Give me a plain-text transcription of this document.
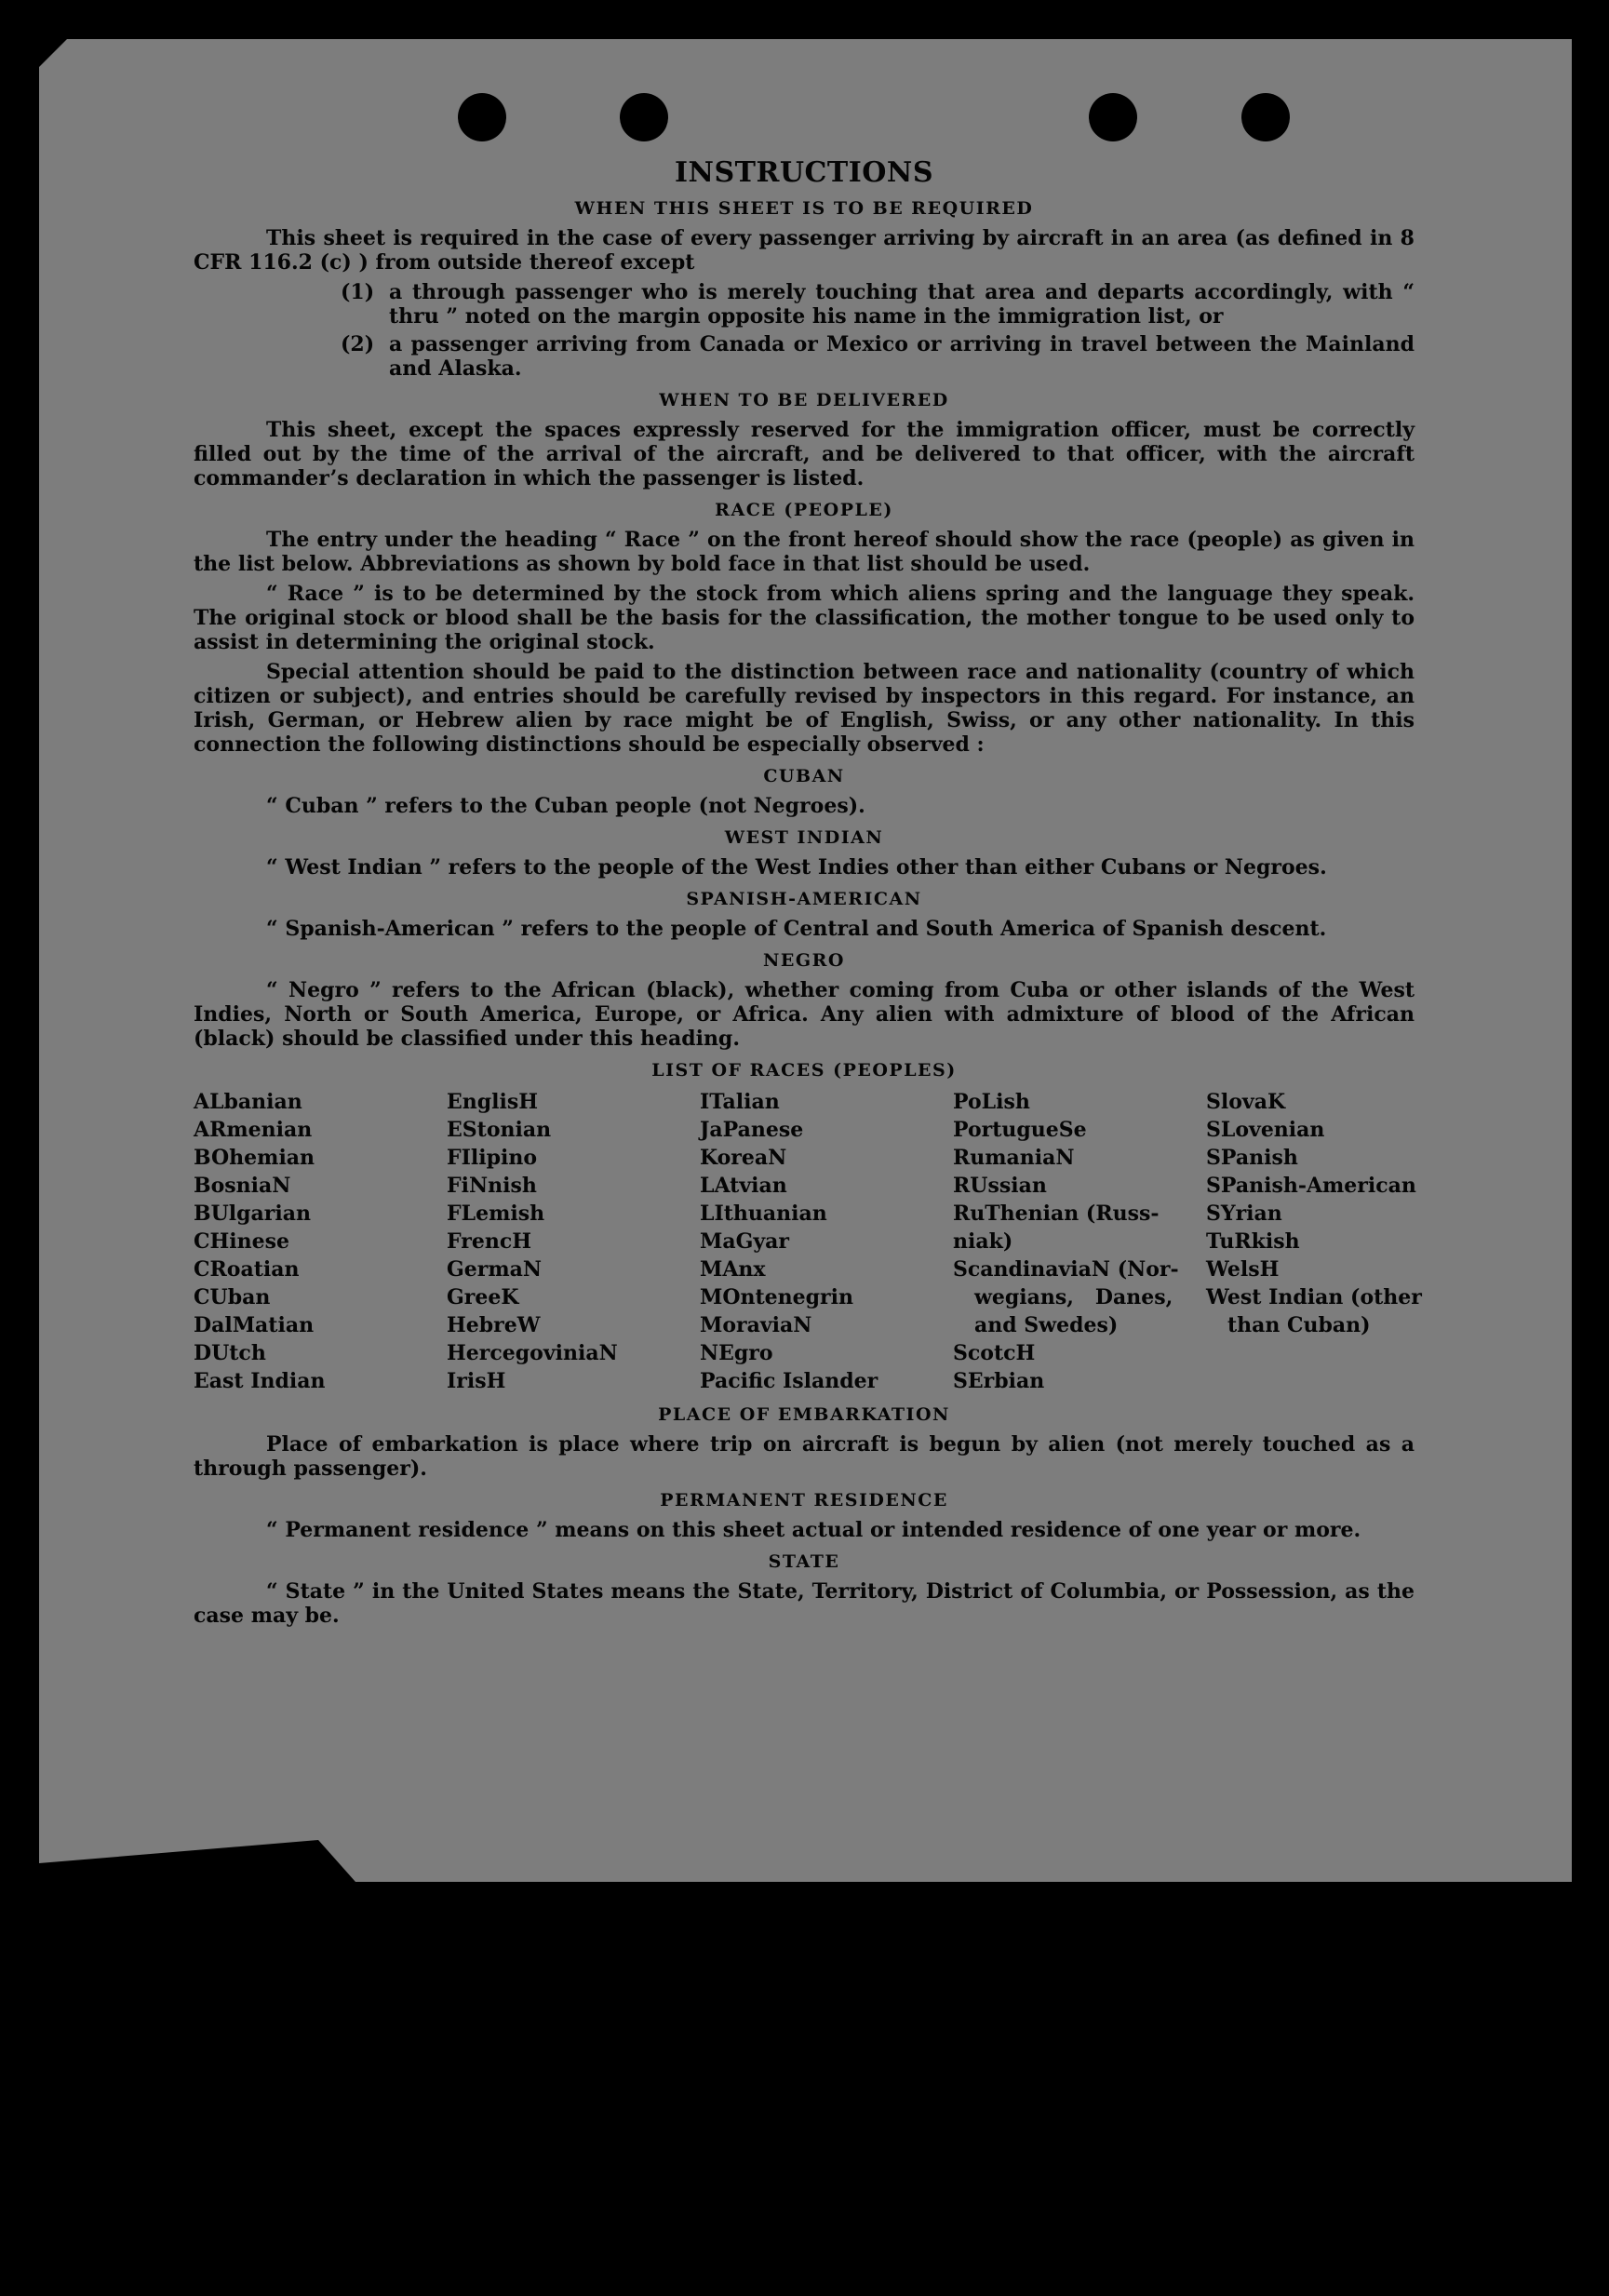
INSTRUCTIONS
WHEN THIS SHEET IS TO BE REQUIRED

This sheet is required in the case of every passenger arriving by aircraft in an area (as defined in 8 CFR 116.2 (c) ) from outside thereof except

(1) a through passenger who is merely touching that area and departs accordingly, with “ thru ” noted on the margin opposite his name in the immigration list, or
(2) a passenger arriving from Canada or Mexico or arriving in travel between the Mainland and Alaska.
WHEN TO BE DELIVERED

This sheet, except the spaces expressly reserved for the immigration officer, must be correctly filled out by the time of the arrival of the aircraft, and be delivered to that officer, with the aircraft commander’s declaration in which the passenger is listed.

RACE (PEOPLE)

The entry under the heading “ Race ” on the front hereof should show the race (people) as given in the list below. Abbreviations as shown by bold face in that list should be used.

“ Race ” is to be determined by the stock from which aliens spring and the language they speak. The original stock or blood shall be the basis for the classification, the mother tongue to be used only to assist in determining the original stock.

Special attention should be paid to the distinction between race and nationality (country of which citizen or subject), and entries should be carefully revised by inspectors in this regard. For instance, an Irish, German, or Hebrew alien by race might be of English, Swiss, or any other nationality. In this connection the following distinctions should be especially observed :

CUBAN

“ Cuban ” refers to the Cuban people (not Negroes).

WEST INDIAN

“ West Indian ” refers to the people of the West Indies other than either Cubans or Negroes.

SPANISH-AMERICAN

“ Spanish-American ” refers to the people of Central and South America of Spanish descent.

NEGRO

“ Negro ” refers to the African (black), whether coming from Cuba or other islands of the West Indies, North or South America, Europe, or Africa. Any alien with admixture of blood of the African (black) should be classified under this heading.

LIST OF RACES (PEOPLES)
ALbanian
ARmenian
BOhemian
BosniaN
BUlgarian
CHinese
CRoatian
CUban
DalMatian
DUtch
East Indian
EnglisH
EStonian
FIlipino
FiNnish
FLemish
FrencH
GermaN
GreeK
HebreW
HercegoviniaN
IrisH
ITalian
JaPanese
KoreaN
LAtvian
LIthuanian
MaGyar
MAnx
MOntenegrin
MoraviaN
NEgro
Pacific Islander
PoLish
PortugueSe
RumaniaN
RUssian
RuThenian (Russ-
niak)
ScandinaviaN (Nor-
wegians,   Danes,
and Swedes)
ScotcH
SErbian
SlovaK
SLovenian
SPanish
SPanish-American
SYrian
TuRkish
WelsH
West Indian (other
than Cuban)
PLACE OF EMBARKATION

Place of embarkation is place where trip on aircraft is begun by alien (not merely touched as a through passenger).

PERMANENT RESIDENCE

“ Permanent residence ” means on this sheet actual or intended residence of one year or more.

STATE

“ State ” in the United States means the State, Territory, District of Columbia, or Possession, as the case may be.
